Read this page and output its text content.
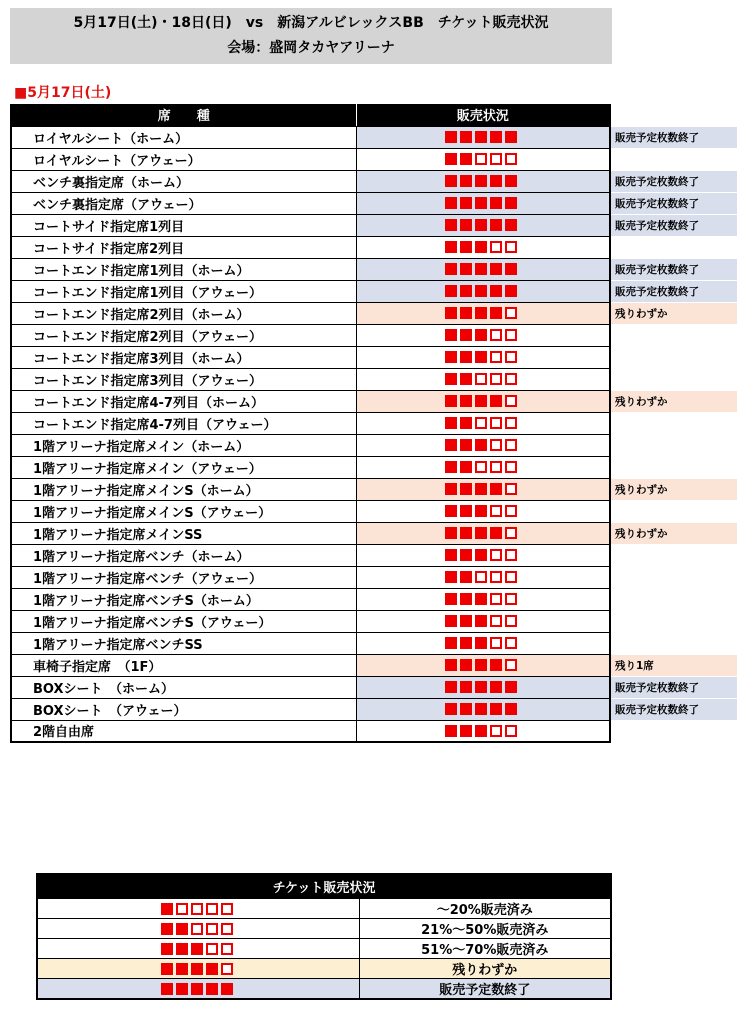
5月17日(土)・18日(日)　vs　新潟アルビレックスBB　チケット販売状況
会場：盛岡タカヤアリーナ
■5月17日(土)
席　　種	販売状況	
ロイヤルシート（ホーム）		販売予定枚数終了
ロイヤルシート（アウェー）		
ベンチ裏指定席（ホーム）		販売予定枚数終了
ベンチ裏指定席（アウェー）		販売予定枚数終了
コートサイド指定席1列目		販売予定枚数終了
コートサイド指定席2列目		
コートエンド指定席1列目（ホーム）		販売予定枚数終了
コートエンド指定席1列目（アウェー）		販売予定枚数終了
コートエンド指定席2列目（ホーム）		残りわずか
コートエンド指定席2列目（アウェー）		
コートエンド指定席3列目（ホーム）		
コートエンド指定席3列目（アウェー）		
コートエンド指定席4-7列目（ホーム）		残りわずか
コートエンド指定席4-7列目（アウェー）		
1階アリーナ指定席メイン（ホーム）		
1階アリーナ指定席メイン（アウェー）		
1階アリーナ指定席メインS（ホーム）		残りわずか
1階アリーナ指定席メインS（アウェー）		
1階アリーナ指定席メインSS		残りわずか
1階アリーナ指定席ベンチ（ホーム）		
1階アリーナ指定席ベンチ（アウェー）		
1階アリーナ指定席ベンチS（ホーム）		
1階アリーナ指定席ベンチS（アウェー）		
1階アリーナ指定席ベンチSS		
車椅子指定席　（1F）		残り1席
BOXシート　（ホーム）		販売予定枚数終了
BOXシート　（アウェー）		販売予定枚数終了
2階自由席		
チケット販売状況	
	～20%販売済み
	21%～50%販売済み
	51%～70%販売済み
	残りわずか
	販売予定数終了
